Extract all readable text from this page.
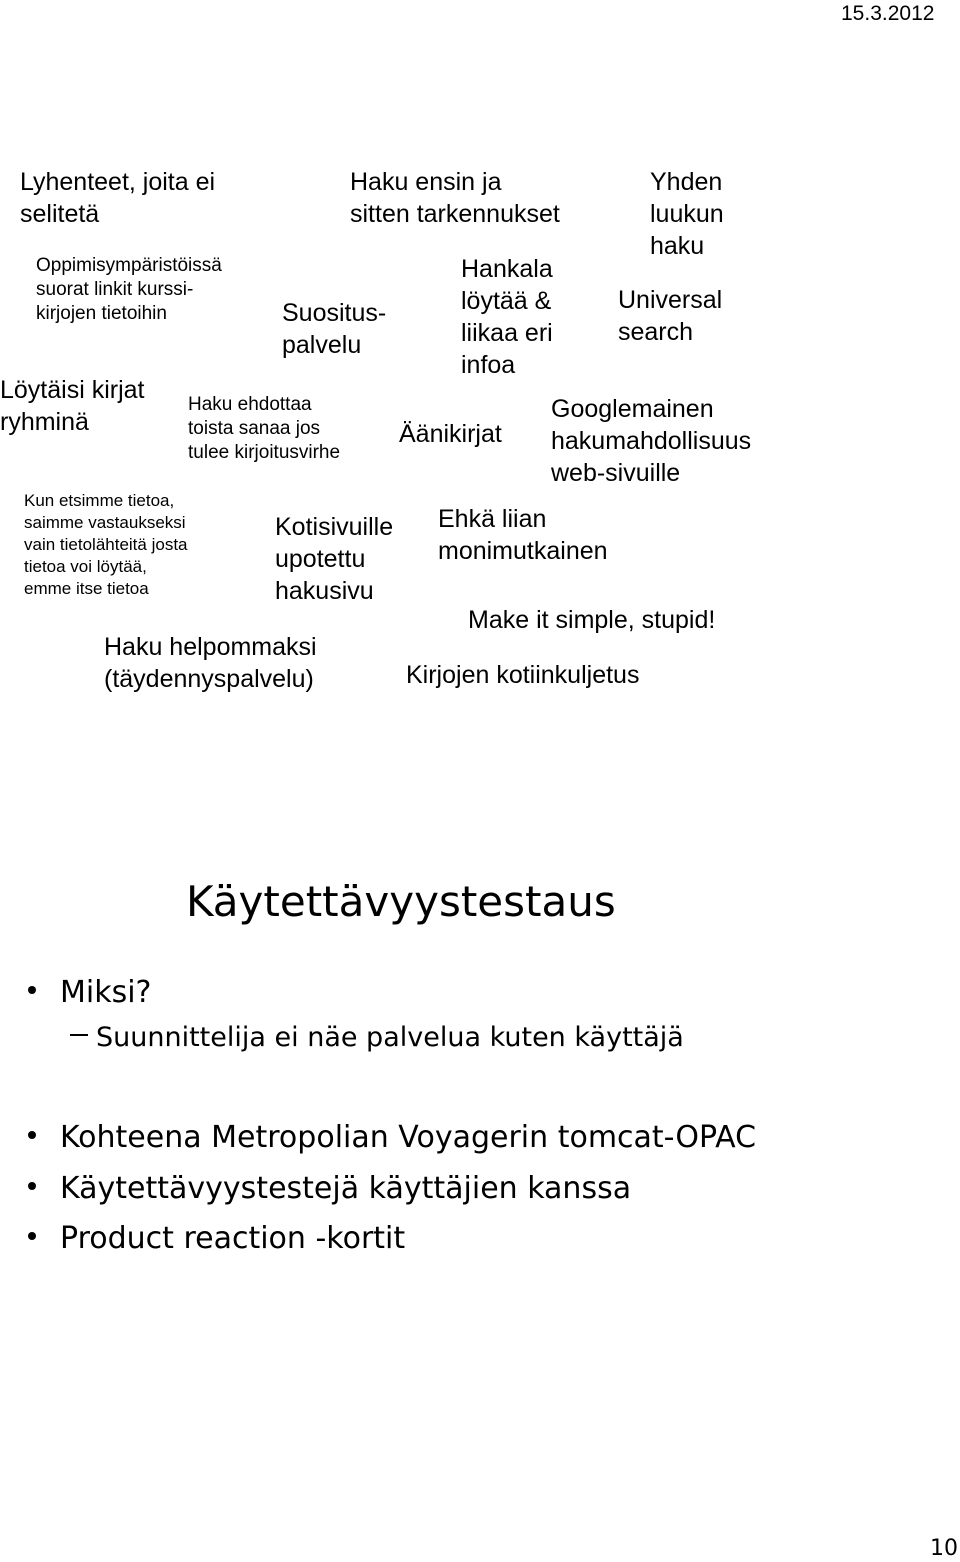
15.3.2012
Lyhenteet, joita ei
selitetä
Oppimisympäristöissä
suorat linkit kurssi-
kirjojen tietoihin
Löytäisi kirjat
ryhminä
Haku ehdottaa
toista sanaa jos
tulee kirjoitusvirhe
Kun etsimme tietoa,
saimme vastaukseksi
vain tietolähteitä josta
tietoa voi löytää,
emme itse tietoa
Haku helpommaksi
(täydennyspalvelu)
Suositus-
palvelu
Haku ensin ja
sitten tarkennukset
Kotisivuille
upotettu
hakusivu
Hankala
löytää &
liikaa eri
infoa
Äänikirjat
Ehkä liian
monimutkainen
Make it simple, stupid!
Kirjojen kotiinkuljetus
Yhden
luukun
haku
Universal
search
Googlemainen
hakumahdollisuus
web-sivuille
Käytettävyystestaus
Miksi?
Suunnittelija ei näe palvelua kuten käyttäjä
Kohteena Metropolian Voyagerin tomcat-OPAC
Käytettävyystestejä käyttäjien kanssa
Product reaction -kortit
10
